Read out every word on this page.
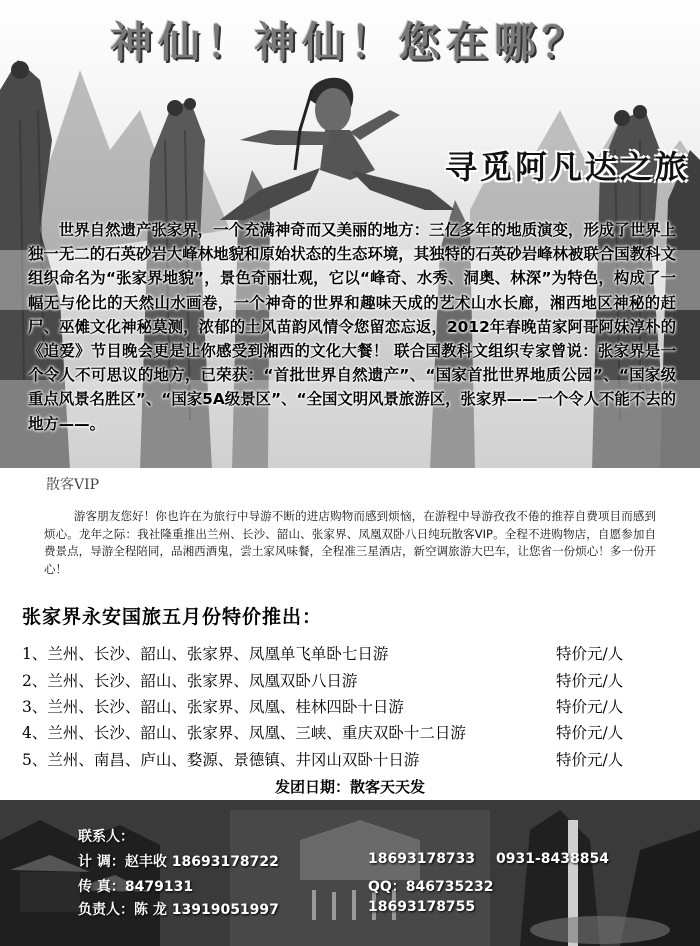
神仙！神仙！您在哪？
寻觅阿凡达之旅
世界自然遗产张家界，一个充满神奇而又美丽的地方：三亿多年的地质演变，形成了世界上独一无二的石英砂岩大峰林地貌和原始状态的生态环境，其独特的石英砂岩峰林被联合国教科文组织命名为“张家界地貌”，景色奇丽壮观，它以“峰奇、水秀、洞奥、林深”为特色，构成了一幅无与伦比的天然山水画卷，一个神奇的世界和趣味天成的艺术山水长廊，湘西地区神秘的赶尸、巫傩文化神秘莫测，浓郁的土风苗韵风情令您留恋忘返，2012年春晚苗家阿哥阿妹淳朴的《追爱》节目晚会更是让你感受到湘西的文化大餐！ 联合国教科文组织专家曾说：张家界是一个令人不可思议的地方，已荣获：“首批世界自然遗产”、“国家首批世界地质公园”、“国家级重点风景名胜区”、“国家5A级景区”、“全国文明风景旅游区，张家界——一个令人不能不去的地方——。
散客VIP
游客朋友您好！你也许在为旅行中导游不断的进店购物而感到烦恼，在游程中导游孜孜不倦的推荐自费项目而感到烦心。龙年之际：我社隆重推出兰州、长沙、韶山、张家界、凤凰双卧八日纯玩散客VIP。全程不进购物店，自愿参加自费景点，导游全程陪同，品湘西酒鬼，尝土家风味餐，全程准三星酒店，新空调旅游大巴车，让您省一份烦心！多一份开心！
张家界永安国旅五月份特价推出：
1、兰州、长沙、韶山、张家界、凤凰单飞单卧七日游	特价元/人
2、兰州、长沙、韶山、张家界、凤凰双卧八日游	特价元/人
3、兰州、长沙、韶山、张家界、凤凰、桂林四卧十日游	特价元/人
4、兰州、长沙、韶山、张家界、凤凰、三峡、重庆双卧十二日游	特价元/人
5、兰州、南昌、庐山、婺源、景德镇、井冈山双卧十日游	特价元/人
发团日期：散客天天发
联系人：
计 调：赵丰收 18693178722	18693178733 0931-8438854
传 真：8479131	QQ：846735232
负责人：陈 龙 13919051997	18693178755
